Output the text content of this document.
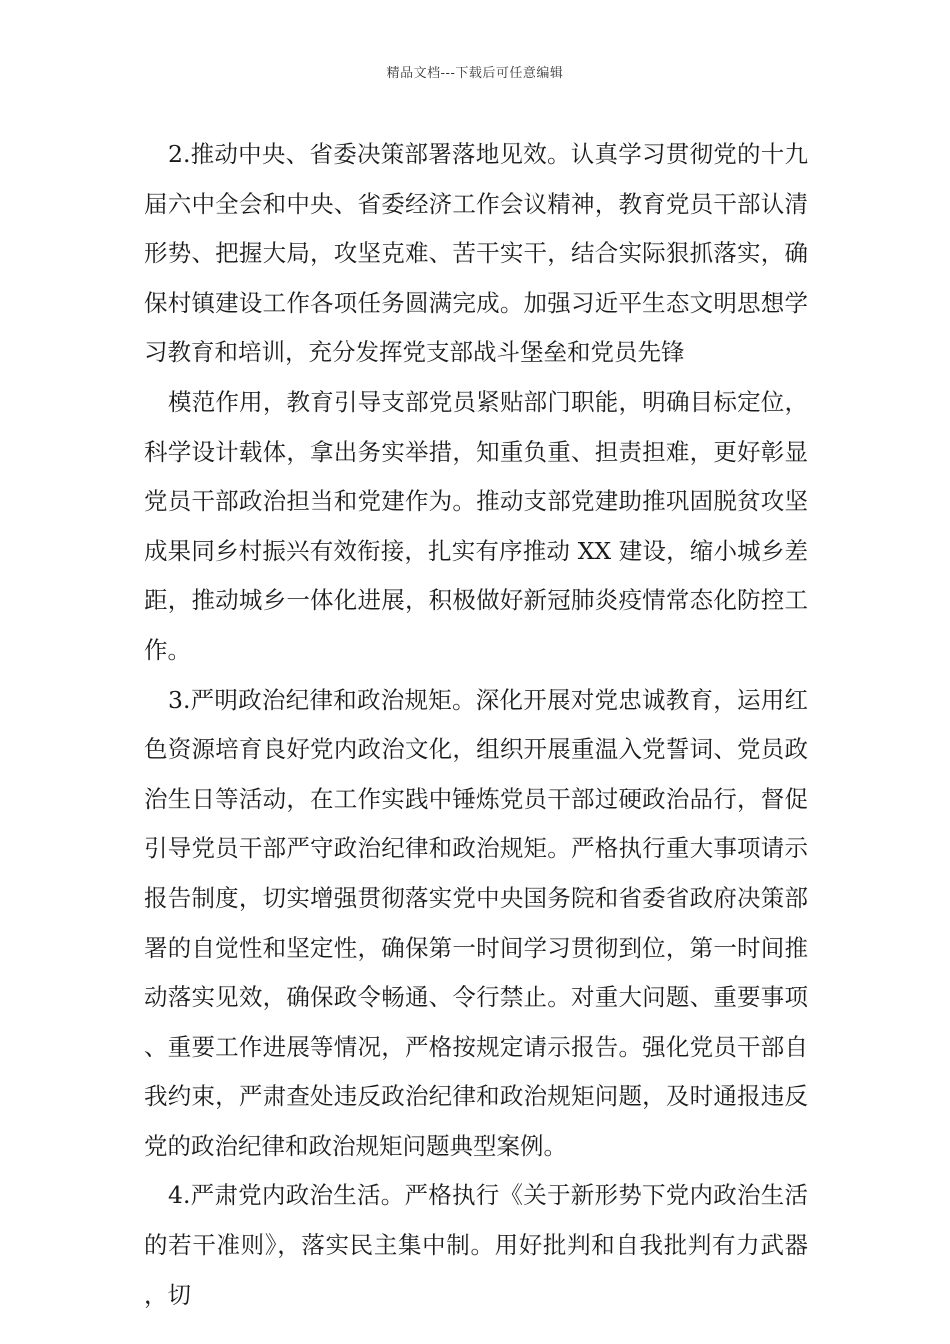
精品文档---下载后可任意编辑

2.推动中央、省委决策部署落地见效。认真学习贯彻党的十九届六中全会和中央、省委经济工作会议精神，教育党员干部认清形势、把握大局，攻坚克难、苦干实干，结合实际狠抓落实，确保村镇建设工作各项任务圆满完成。加强习近平生态文明思想学习教育和培训，充分发挥党支部战斗堡垒和党员先锋

模范作用，教育引导支部党员紧贴部门职能，明确目标定位，科学设计载体，拿出务实举措，知重负重、担责担难，更好彰显党员干部政治担当和党建作为。推动支部党建助推巩固脱贫攻坚成果同乡村振兴有效衔接，扎实有序推动 XX 建设，缩小城乡差距，推动城乡一体化进展，积极做好新冠肺炎疫情常态化防控工作。

3.严明政治纪律和政治规矩。深化开展对党忠诚教育，运用红色资源培育良好党内政治文化，组织开展重温入党誓词、党员政治生日等活动，在工作实践中锤炼党员干部过硬政治品行，督促引导党员干部严守政治纪律和政治规矩。严格执行重大事项请示报告制度，切实增强贯彻落实党中央国务院和省委省政府决策部署的自觉性和坚定性，确保第一时间学习贯彻到位，第一时间推动落实见效，确保政令畅通、令行禁止。对重大问题、重要事项、重要工作进展等情况，严格按规定请示报告。强化党员干部自我约束，严肃查处违反政治纪律和政治规矩问题，及时通报违反党的政治纪律和政治规矩问题典型案例。

4.严肃党内政治生活。严格执行《关于新形势下党内政治生活的若干准则》，落实民主集中制。用好批判和自我批判有力武器，切
